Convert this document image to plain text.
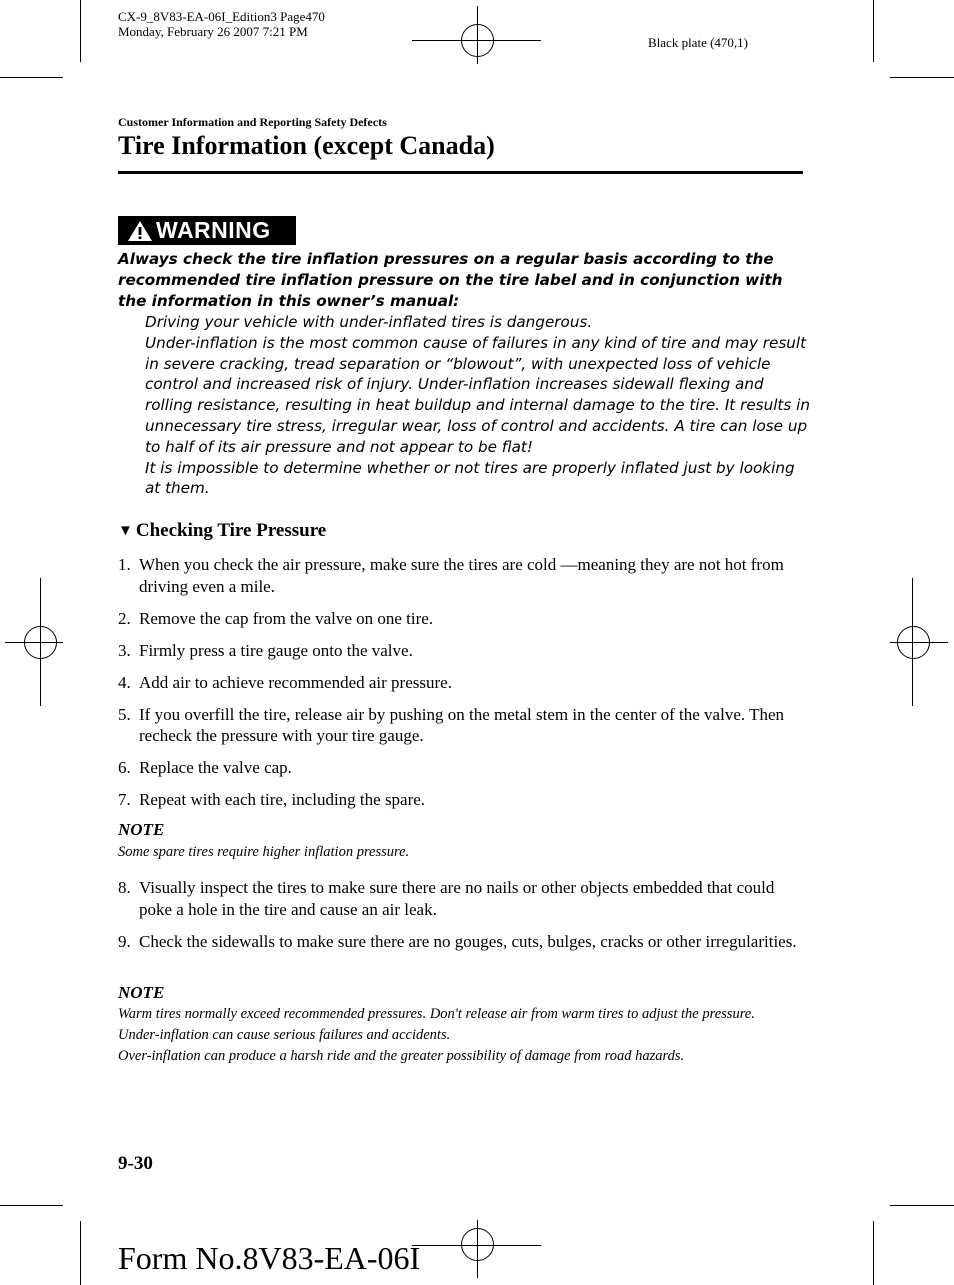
CX-9_8V83-EA-06I_Edition3 Page470
Monday, February 26 2007 7:21 PM
Black plate (470,1)
Customer Information and Reporting Safety Defects
Tire Information (except Canada)
WARNING
Always check the tire inflation pressures on a regular basis according to the recommended tire inflation pressure on the tire label and in conjunction with the information in this owner’s manual:
Driving your vehicle with under-inflated tires is dangerous.
Under-inflation is the most common cause of failures in any kind of tire and may result in severe cracking, tread separation or “blowout”, with unexpected loss of vehicle control and increased risk of injury. Under-inflation increases sidewall flexing and rolling resistance, resulting in heat buildup and internal damage to the tire. It results in unnecessary tire stress, irregular wear, loss of control and accidents. A tire can lose up to half of its air pressure and not appear to be flat!
It is impossible to determine whether or not tires are properly inflated just by looking at them.
▼ Checking Tire Pressure
1. When you check the air pressure, make sure the tires are cold —meaning they are not hot from driving even a mile.
2. Remove the cap from the valve on one tire.
3. Firmly press a tire gauge onto the valve.
4. Add air to achieve recommended air pressure.
5. If you overfill the tire, release air by pushing on the metal stem in the center of the valve. Then recheck the pressure with your tire gauge.
6. Replace the valve cap.
7. Repeat with each tire, including the spare.
NOTE
Some spare tires require higher inflation pressure.
8. Visually inspect the tires to make sure there are no nails or other objects embedded that could poke a hole in the tire and cause an air leak.
9. Check the sidewalls to make sure there are no gouges, cuts, bulges, cracks or other irregularities.
NOTE
Warm tires normally exceed recommended pressures. Don't release air from warm tires to adjust the pressure.
Under-inflation can cause serious failures and accidents.
Over-inflation can produce a harsh ride and the greater possibility of damage from road hazards.
9-30
Form No.8V83-EA-06I
